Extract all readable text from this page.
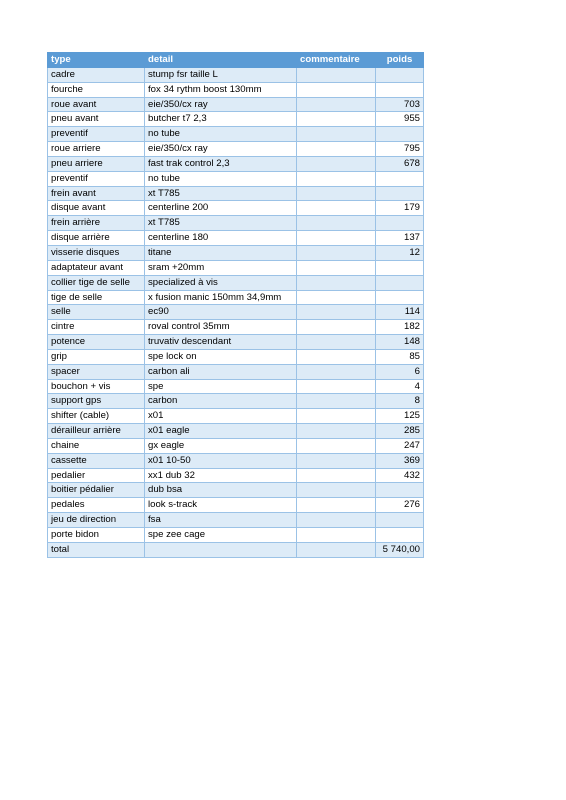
type	detail	commentaire	poids
cadre	stump fsr taille L		
fourche	fox 34 rythm boost 130mm		
roue avant	eie/350/cx ray		703
pneu avant	butcher t7 2,3		955
preventif	no tube		
roue arriere	eie/350/cx ray		795
pneu arriere	fast trak control 2,3		678
preventif	no tube		
frein avant	xt T785		
disque avant	centerline 200		179
frein arrière	xt T785		
disque arrière	centerline 180		137
visserie disques	titane		12
adaptateur avant	sram +20mm		
collier tige de selle	specialized à vis		
tige de selle	x fusion manic 150mm 34,9mm		
selle	ec90		114
cintre	roval control 35mm		182
potence	truvativ descendant		148
grip	spe lock on		85
spacer	carbon ali		6
bouchon + vis	spe		4
support gps	carbon		8
shifter (cable)	x01		125
dérailleur arrière	x01 eagle		285
chaine	gx eagle		247
cassette	x01 10-50		369
pedalier	xx1 dub 32		432
boitier pédalier	dub bsa		
pedales	look s-track		276
jeu de direction	fsa		
porte bidon	spe zee cage		
total			5 740,00
